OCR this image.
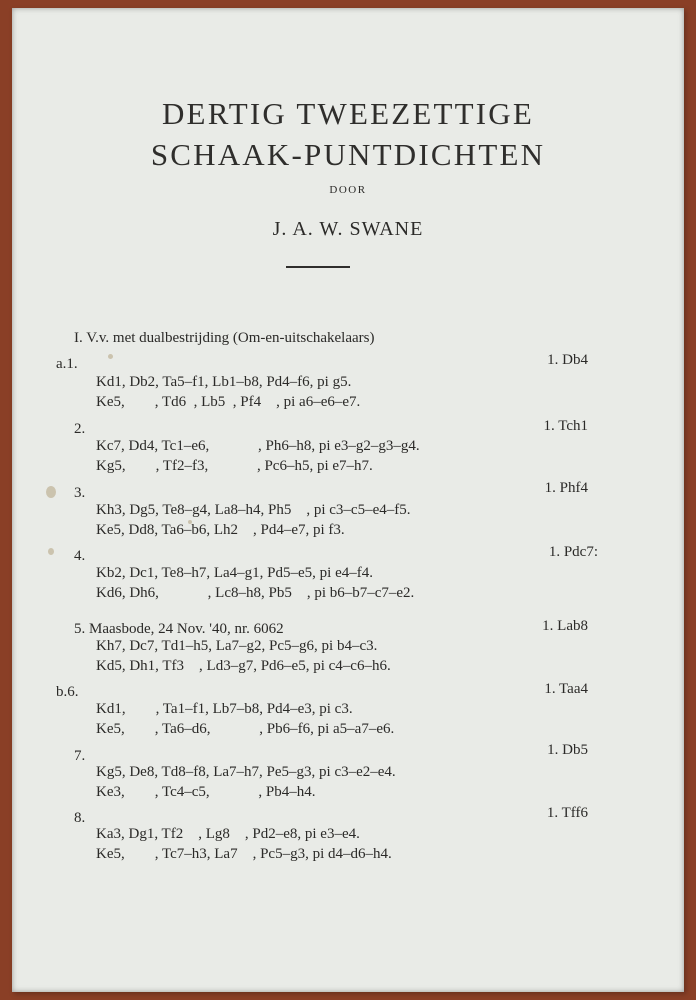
DERTIG TWEEZETTIGE
SCHAAK-PUNTDICHTEN
DOOR
J. A. W. SWANE
I. V.v. met dualbestrijding (Om-en-uitschakelaars)
a.1.	1. Db4
Kd1, Db2, Ta5–f1, Lb1–b8, Pd4–f6, pi g5.
Ke5,        , Td6  , Lb5  , Pf4    , pi a6–e6–e7.
2.	1. Tch1
Kc7, Dd4, Tc1–e6,             , Ph6–h8, pi e3–g2–g3–g4.
Kg5,        , Tf2–f3,             , Pc6–h5, pi e7–h7.
3.	1. Phf4
Kh3, Dg5, Te8–g4, La8–h4, Ph5    , pi c3–c5–e4–f5.
Ke5, Dd8, Ta6–b6, Lh2    , Pd4–e7, pi f3.
4.	1. Pdc7:
Kb2, Dc1, Te8–h7, La4–g1, Pd5–e5, pi e4–f4.
Kd6, Dh6,             , Lc8–h8, Pb5    , pi b6–b7–c7–e2.
5. Maasbode, 24 Nov. '40, nr. 6062	1. Lab8
Kh7, Dc7, Td1–h5, La7–g2, Pc5–g6, pi b4–c3.
Kd5, Dh1, Tf3    , Ld3–g7, Pd6–e5, pi c4–c6–h6.
b.6.	1. Taa4
Kd1,        , Ta1–f1, Lb7–b8, Pd4–e3, pi c3.
Ke5,        , Ta6–d6,             , Pb6–f6, pi a5–a7–e6.
7.	1. Db5
Kg5, De8, Td8–f8, La7–h7, Pe5–g3, pi c3–e2–e4.
Ke3,        , Tc4–c5,             , Pb4–h4.
8.	1. Tff6
Ka3, Dg1, Tf2    , Lg8    , Pd2–e8, pi e3–e4.
Ke5,        , Tc7–h3, La7    , Pc5–g3, pi d4–d6–h4.
